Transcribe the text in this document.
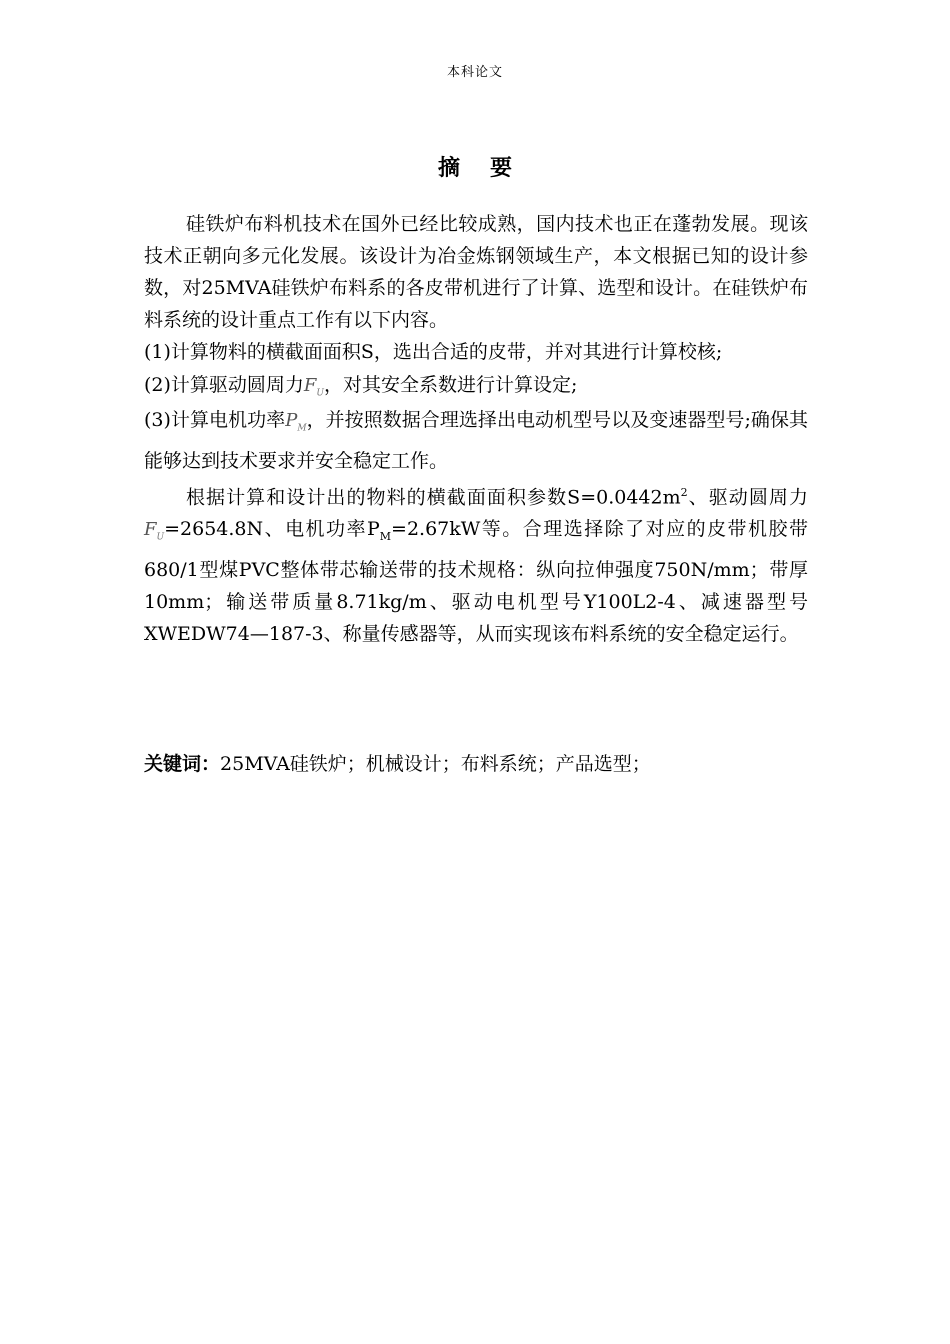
本科论文
摘要

硅铁炉布料机技术在国外已经比较成熟，国内技术也正在蓬勃发展。现该技术正朝向多元化发展。该设计为冶金炼钢领域生产，本文根据已知的设计参数，对25MVA硅铁炉布料系的各皮带机进行了计算、选型和设计。在硅铁炉布料系统的设计重点工作有以下内容。

(1)计算物料的横截面面积S，选出合适的皮带，并对其进行计算校核;

(2)计算驱动圆周力$F_U$，对其安全系数进行计算设定;

(3)计算电机功率$P_M$，并按照数据合理选择出电动机型号以及变速器型号;确保其能够达到技术要求并安全稳定工作。

根据计算和设计出的物料的横截面面积参数$S=0.0442m^2$、驱动圆周力$F_U=2654.8N$、电机功率$P_M=2.67kW$等。合理选择除了对应的皮带机胶带680/1型煤PVC整体带芯输送带的技术规格：纵向拉伸强度750N/mm；带厚10mm；输送带质量8.71kg/m、驱动电机型号Y100L2-4、减速器型号XWEDW74—187-3、称量传感器等，从而实现该布料系统的安全稳定运行。

关键词：25MVA硅铁炉；机械设计；布料系统；产品选型；
